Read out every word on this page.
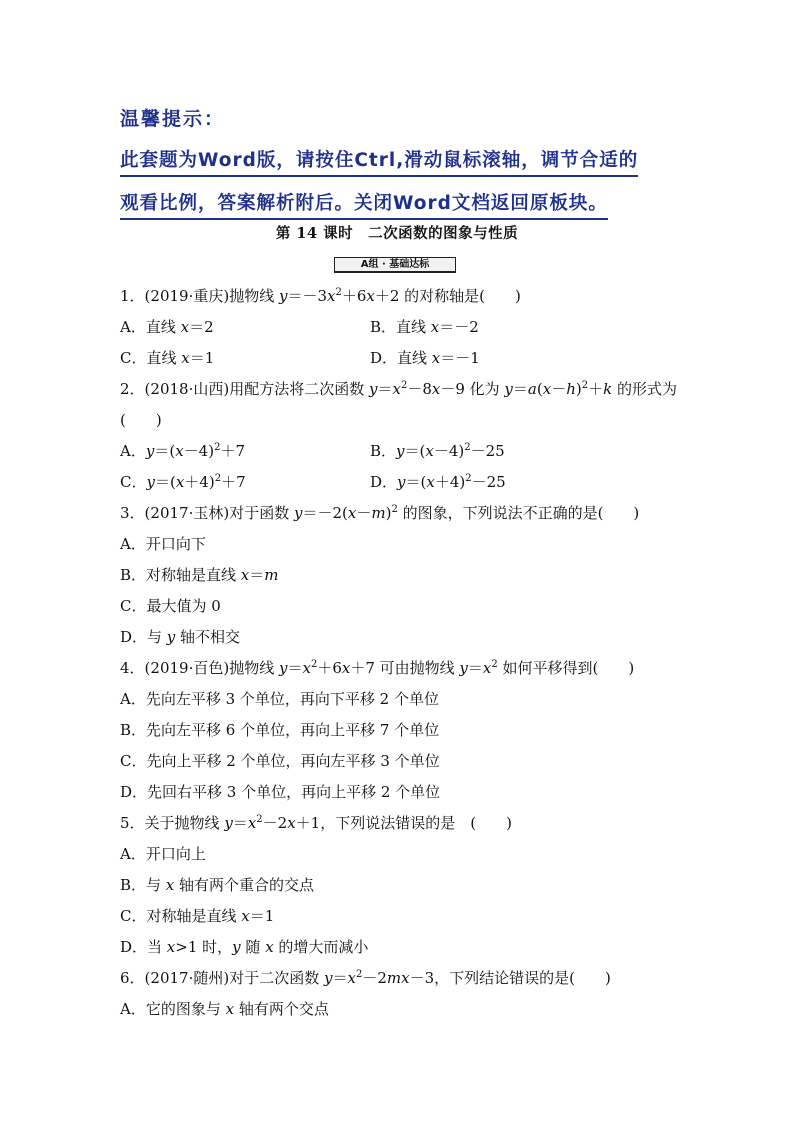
温馨提示：
此套题为Word版，请按住Ctrl,滑动鼠标滚轴，调节合适的
观看比例，答案解析附后。关闭Word文档返回原板块。
第 14 课时　二次函数的图象与性质
A组 · 基础达标
1．(2019·重庆)抛物线 $y=-3x^2+6x+2$ 的对称轴是(　　)
A．直线 x＝2	B．直线 x＝－2
C．直线 x＝1	D．直线 x＝－1
2．(2018·山西)用配方法将二次函数 $y=x^2-8x-9$ 化为 $y=a(x-h)^2+k$ 的形式为
(　　)
A．$y=(x-4)^2+7$	B．$y=(x-4)^2-25$
C．$y=(x+4)^2+7$	D．$y=(x+4)^2-25$
3．(2017·玉林)对于函数 $y=-2(x-m)^2$ 的图象，下列说法不正确的是(　　)
A．开口向下
B．对称轴是直线 x＝m
C．最大值为 0
D．与 y 轴不相交
4．(2019·百色)抛物线 $y=x^2+6x+7$ 可由抛物线 $y=x^2$ 如何平移得到(　　)
A．先向左平移 3 个单位，再向下平移 2 个单位
B．先向左平移 6 个单位，再向上平移 7 个单位
C．先向上平移 2 个单位，再向左平移 3 个单位
D．先回右平移 3 个单位，再向上平移 2 个单位
5．关于抛物线 $y=x^2-2x+1$，下列说法错误的是　(　　)
A．开口向上
B．与 x 轴有两个重合的交点
C．对称轴是直线 x＝1
D．当 x>1 时，y 随 x 的增大而减小
6．(2017·随州)对于二次函数 $y=x^2-2mx-3$，下列结论错误的是(　　)
A．它的图象与 x 轴有两个交点
